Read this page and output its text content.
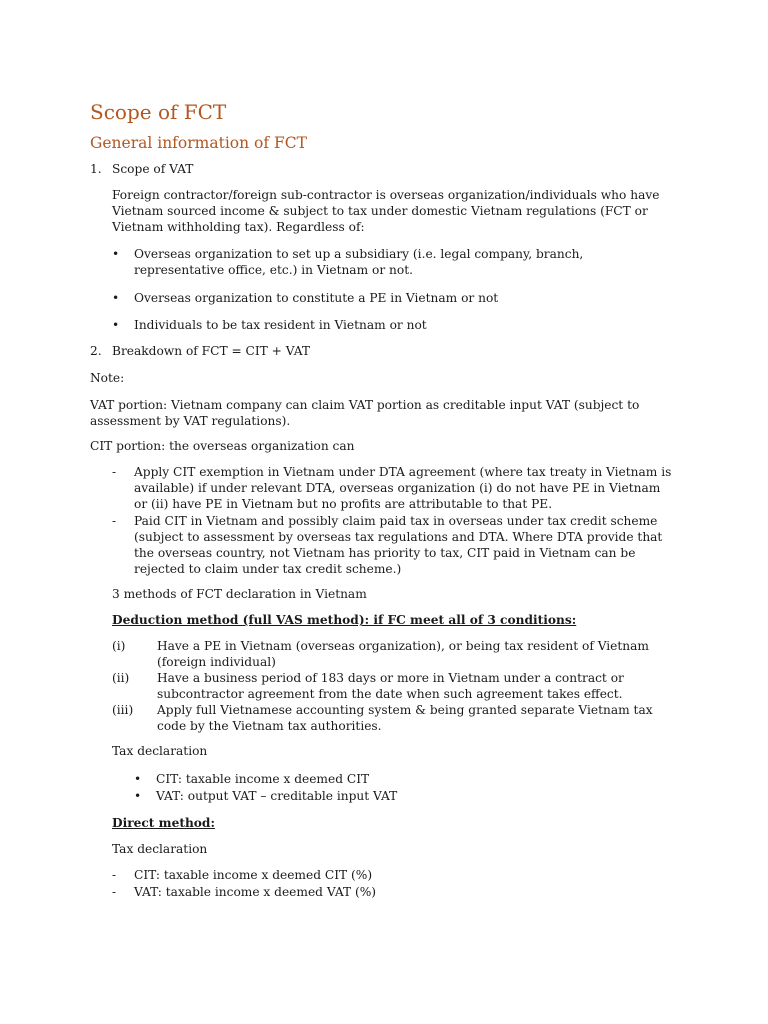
Scope of FCT
General information of FCT
1. Scope of VAT

Foreign contractor/foreign sub-contractor is overseas organization/individuals who have Vietnam sourced income & subject to tax under domestic Vietnam regulations (FCT or Vietnam withholding tax). Regardless of:

• Overseas organization to set up a subsidiary (i.e. legal company, branch, representative office, etc.) in Vietnam or not.
• Overseas organization to constitute a PE in Vietnam or not
• Individuals to be tax resident in Vietnam or not
2. Breakdown of FCT = CIT + VAT
Note:

VAT portion: Vietnam company can claim VAT portion as creditable input VAT (subject to assessment by VAT regulations).

CIT portion: the overseas organization can

- Apply CIT exemption in Vietnam under DTA agreement (where tax treaty in Vietnam is available) if under relevant DTA, overseas organization (i) do not have PE in Vietnam or (ii) have PE in Vietnam but no profits are attributable to that PE.
- Paid CIT in Vietnam and possibly claim paid tax in overseas under tax credit scheme (subject to assessment by overseas tax regulations and DTA. Where DTA provide that the overseas country, not Vietnam has priority to tax, CIT paid in Vietnam can be rejected to claim under tax credit scheme.)
3 methods of FCT declaration in Vietnam
Deduction method (full VAS method): if FC meet all of 3 conditions:
(i)	Have a PE in Vietnam (overseas organization), or being tax resident of Vietnam (foreign individual)
(ii)	Have a business period of 183 days or more in Vietnam under a contract or subcontractor agreement from the date when such agreement takes effect.
(iii)	Apply full Vietnamese accounting system & being granted separate Vietnam tax code by the Vietnam tax authorities.
Tax declaration
• CIT: taxable income x deemed CIT
• VAT: output VAT – creditable input VAT
Direct method:
Tax declaration
- CIT: taxable income x deemed CIT (%)
- VAT: taxable income x deemed VAT (%)
